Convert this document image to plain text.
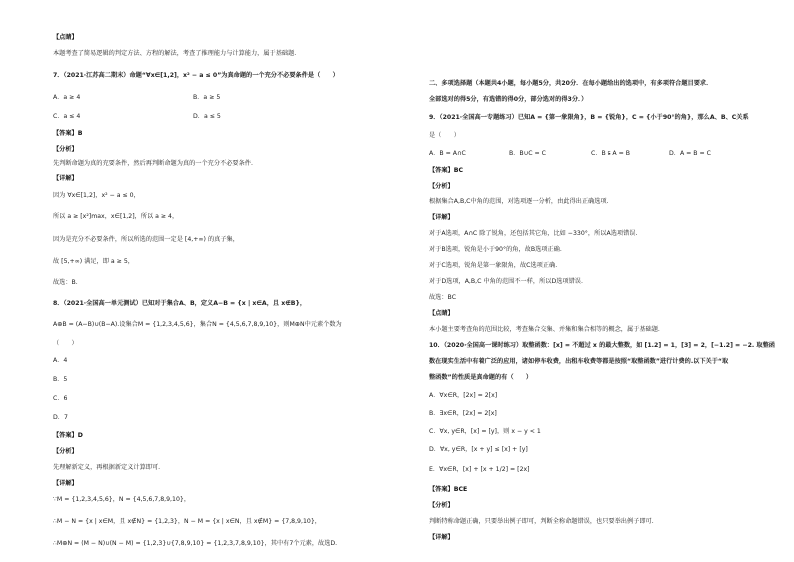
【点睛】
本题考查了简易逻辑的判定方法、方程的解法，考查了推理能力与计算能力，属于基础题.
7．（2021·江苏高二期末）命题“∀x∈[1,2]，x² − a ≤ 0”为真命题的一个充分不必要条件是（　　）
A．a ≥ 4	B．a ≥ 5
C．a ≤ 4	D．a ≤ 5
【答案】B
【分析】
先判断命题为真的充要条件，然后再判断命题为真的一个充分不必要条件.
【详解】
因为 ∀x∈[1,2]，x² − a ≤ 0，
所以 a ≥ [x²]max，x∈[1,2]，所以 a ≥ 4，
因为是充分不必要条件，所以所选的范围一定是 [4,+∞) 的真子集，
故 [5,+∞) 满足，即 a ≥ 5，
故选：B.
8．（2021·全国高一单元测试）已知对于集合A、B，定义A−B = {x | x∈A，且 x∉B}，
A⊕B = (A−B)∪(B−A).设集合M = {1,2,3,4,5,6}，集合N = {4,5,6,7,8,9,10}，则M⊕N中元素个数为
（　　）
A．4
B．5
C．6
D．7
【答案】D
【分析】
先理解新定义，再根据新定义计算即可.
【详解】
∵M = {1,2,3,4,5,6}，N = {4,5,6,7,8,9,10}，
∴M − N = {x | x∈M，且 x∉N} = {1,2,3}，N − M = {x | x∈N，且 x∉M} = {7,8,9,10}，
∴M⊕N = (M − N)∪(N − M) = {1,2,3}∪{7,8,9,10} = {1,2,3,7,8,9,10}，其中有7个元素，故选D.
二、多项选择题（本题共4小题，每小题5分，共20分．在每小题给出的选项中，有多项符合题目要求．
全部选对的得5分，有选错的得0分，部分选对的得3分．）
9．（2021·全国高一专题练习）已知A = {第一象限角}，B = {锐角}，C = {小于90°的角}，那么A、B、C关系
是（　　）
A．B = A∩C	B．B∪C = C	C．B ⫋ A = B	D．A = B = C
【答案】BC
【分析】
根据集合A,B,C中角的范围，对选项逐一分析，由此得出正确选项.
【详解】
对于A选项，A∩C 除了锐角，还包括其它角，比如 −330°，所以A选项错误.
对于B选项，锐角是小于90°的角，故B选项正确.
对于C选项，锐角是第一象限角，故C选项正确.
对于D选项，A,B,C 中角的范围不一样，所以D选项错误.
故选：BC
【点睛】
本小题主要考查角的范围比较，考查集合交集、并集和集合相等的概念，属于基础题.
10．（2020·全国高一课时练习）取整函数：[x] = 不超过 x 的最大整数，如 [1.2] = 1，[3] = 2，[−1.2] = −2. 取整函
数在现实生活中有着广泛的应用，诸如停车收费，出租车收费等都是按照“取整函数”进行计费的.以下关于“取
整函数”的性质是真命题的有（　　）
A．∀x∈R，[2x] = 2[x]
B．∃x∈R，[2x] = 2[x]
C．∀x, y∈R，[x] = [y]，则 x − y < 1
D．∀x, y∈R，[x + y] ≤ [x] + [y]
E．∀x∈R，[x] + [x + 1/2] = [2x]
【答案】BCE
【分析】
判断特称命题正确，只要举出例子即可，判断全称命题错误，也只要举出例子即可.
【详解】
